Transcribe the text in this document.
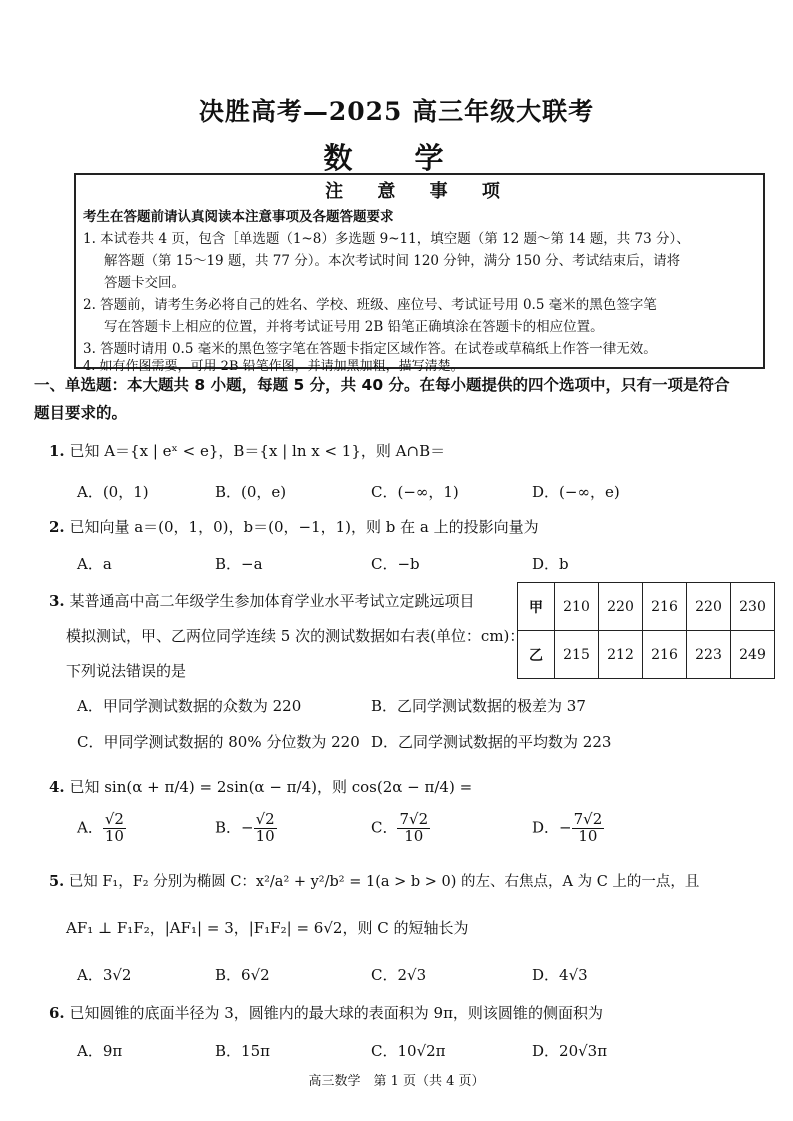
决胜高考—2025 高三年级大联考
数 学
注 意 事 项
考生在答题前请认真阅读本注意事项及各题答题要求
1. 本试卷共 4 页，包含［单选题（1~8）多选题 9~11，填空题（第 12 题～第 14 题，共 73 分）、
解答题（第 15～19 题，共 77 分）。本次考试时间 120 分钟，满分 150 分、考试结束后，请将
答题卡交回。
2. 答题前，请考生务必将自己的姓名、学校、班级、座位号、考试证号用 0.5 毫米的黑色签字笔
写在答题卡上相应的位置，并将考试证号用 2B 铅笔正确填涂在答题卡的相应位置。
3. 答题时请用 0.5 毫米的黑色签字笔在答题卡指定区域作答。在试卷或草稿纸上作答一律无效。
4. 如有作图需要，可用 2B 铅笔作图，并请加黑加粗，描写清楚。
一、单选题：本大题共 8 小题，每题 5 分，共 40 分。在每小题提供的四个选项中，只有一项是符合
题目要求的。
1. 已知 A＝{x | eˣ < e}，B＝{x | ln x < 1}，则 A∩B＝
A．(0，1)	B．(0，e)	C．(−∞，1)	D．(−∞，e)
2. 已知向量 a＝(0，1，0)，b＝(0，−1，1)，则 b 在 a 上的投影向量为
A．a	B．−a	C．−b	D．b
3. 某普通高中高二年级学生参加体育学业水平考试立定跳远项目
模拟测试，甲、乙两位同学连续 5 次的测试数据如右表(单位：cm)：
下列说法错误的是
甲	210	220	216	220	230
乙	215	212	216	223	249
A．甲同学测试数据的众数为 220	B．乙同学测试数据的极差为 37
C．甲同学测试数据的 80% 分位数为 220 D．乙同学测试数据的平均数为 223
4. 已知 sin(α + π/4) = 2sin(α − π/4)，则 cos(2α − π/4) =
A． $\frac{√2}{10}$	B．− $\frac{√2}{10}$	C． $\frac{7√2}{10}$	D．− $\frac{7√2}{10}$
5. 已知 F₁，F₂ 分别为椭圆 C：x²/a² + y²/b² = 1(a > b > 0) 的左、右焦点，A 为 C 上的一点，且
AF₁ ⊥ F₁F₂，|AF₁| = 3，|F₁F₂| = 6√2，则 C 的短轴长为
A．3√2	B．6√2	C．2√3	D．4√3
6. 已知圆锥的底面半径为 3，圆锥内的最大球的表面积为 9π，则该圆锥的侧面积为
A．9π	B．15π	C．10√2π	D．20√3π
高三数学　第 1 页（共 4 页）
